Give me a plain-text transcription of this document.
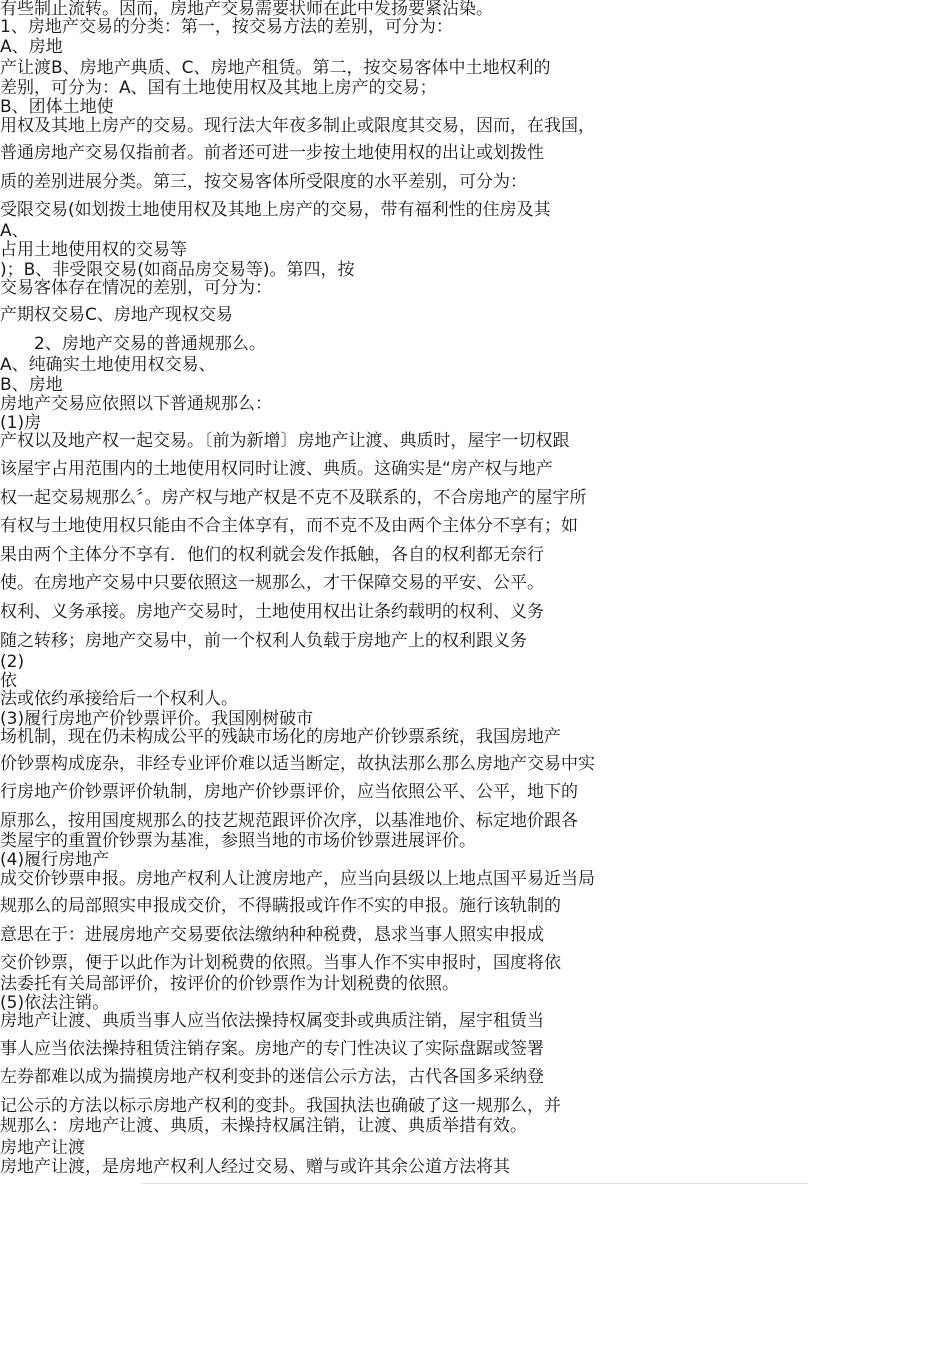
有些制止流转。因而，房地产交易需要状师在此中发扬要紧沾染。

1、房地产交易的分类：第一，按交易方法的差别，可分为：

A、房地

产让渡B、房地产典质、C、房地产租赁。第二，按交易客体中土地权利的

差别，可分为：A、国有土地使用权及其地上房产的交易；

B、团体土地使

用权及其地上房产的交易。现行法大年夜多制止或限度其交易，因而，在我国，

普通房地产交易仅指前者。前者还可进一步按土地使用权的出让或划拨性

质的差别进展分类。第三，按交易客体所受限度的水平差别，可分为：

受限交易(如划拨土地使用权及其地上房产的交易，带有福利性的住房及其

A、

占用土地使用权的交易等

)；B、非受限交易(如商品房交易等)。第四，按

交易客体存在情况的差别，可分为：

产期权交易C、房地产现权交易

　　2、房地产交易的普通规那么。

A、纯确实土地使用权交易、

B、房地

房地产交易应依照以下普通规那么：

(1)房

产权以及地产权一起交易。〔前为新增〕房地产让渡、典质时，屋宇一切权跟

该屋宇占用范围内的土地使用权同时让渡、典质。这确实是“房产权与地产

权一起交易规那么〞。房产权与地产权是不克不及联系的，不合房地产的屋宇所

有权与土地使用权只能由不合主体享有，而不克不及由两个主体分不享有；如

果由两个主体分不享有．他们的权利就会发作抵触，各自的权利都无奈行

使。在房地产交易中只要依照这一规那么，才干保障交易的平安、公平。

权利、义务承接。房地产交易时，土地使用权出让条约载明的权利、义务

随之转移；房地产交易中，前一个权利人负载于房地产上的权利跟义务

(2)

依

法或依约承接给后一个权利人。

(3)履行房地产价钞票评价。我国刚树破市

场机制，现在仍未构成公平的残缺市场化的房地产价钞票系统，我国房地产

价钞票构成庞杂，非经专业评价难以适当断定，故执法那么那么房地产交易中实

行房地产价钞票评价轨制，房地产价钞票评价，应当依照公平、公平，地下的

原那么，按用国度规那么的技艺规范跟评价次序，以基准地价、标定地价跟各

类屋宇的重置价钞票为基准，参照当地的市场价钞票进展评价。

(4)履行房地产

成交价钞票申报。房地产权利人让渡房地产，应当向县级以上地点国平易近当局

规那么的局部照实申报成交价，不得瞒报或许作不实的申报。施行该轨制的

意思在于：进展房地产交易要依法缴纳种种税费，恳求当事人照实申报成

交价钞票，便于以此作为计划税费的依照。当事人作不实申报时，国度将依

法委托有关局部评价，按评价的价钞票作为计划税费的依照。

(5)依法注销。

房地产让渡、典质当事人应当依法操持权属变卦或典质注销，屋宇租赁当

事人应当依法操持租赁注销存案。房地产的专门性决议了实际盘踞或签署

左券都难以成为揣摸房地产权利变卦的迷信公示方法，古代各国多采纳登

记公示的方法以标示房地产权利的变卦。我国执法也确破了这一规那么，并

规那么：房地产让渡、典质，未操持权属注销，让渡、典质举措有效。

房地产让渡

房地产让渡，是房地产权利人经过交易、赠与或许其余公道方法将其
